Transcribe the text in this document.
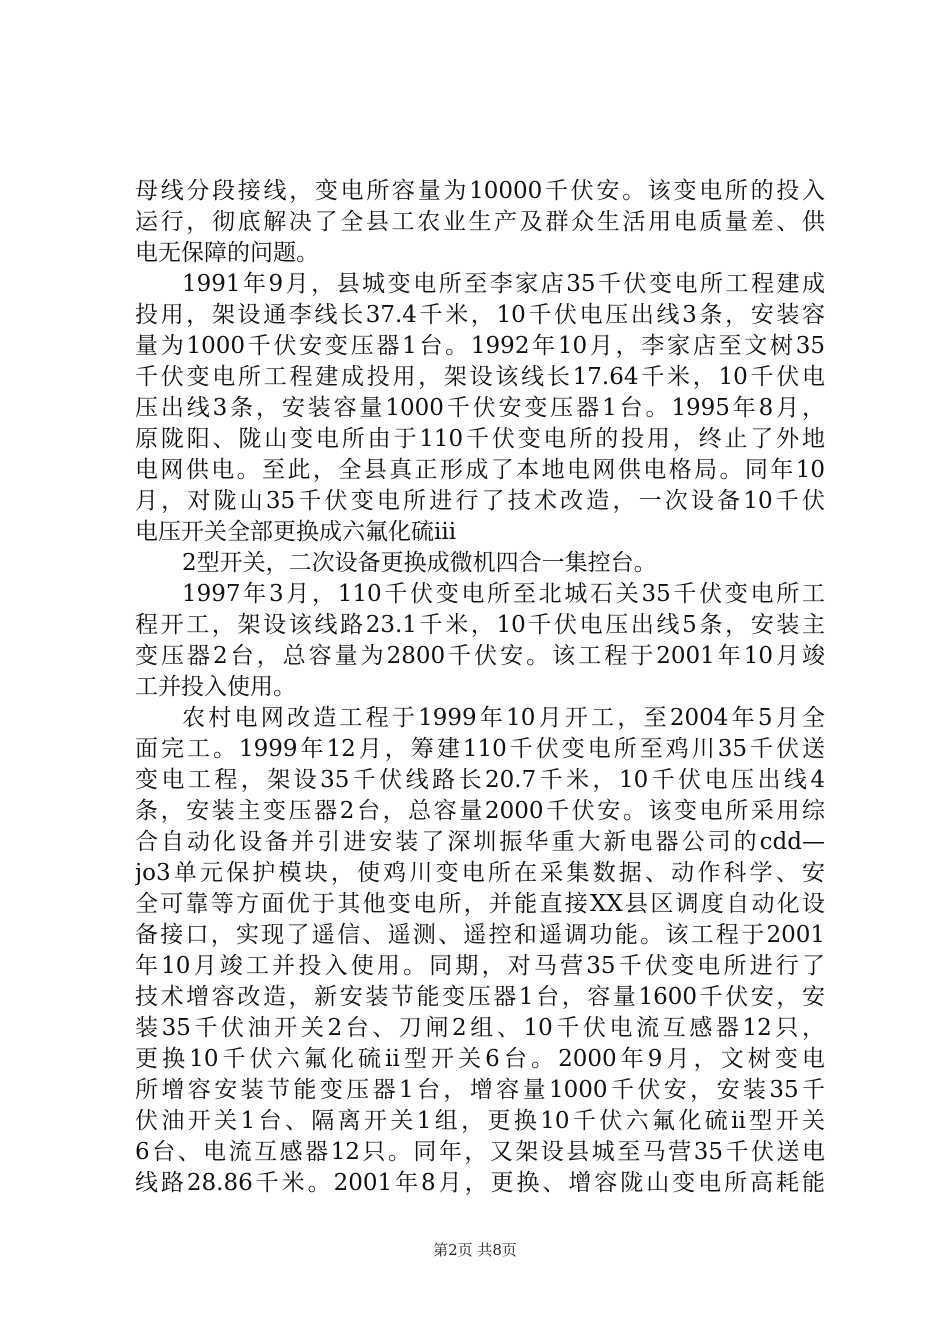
母线分段接线，变电所容量为10000千伏安。该变电所的投入
运行，彻底解决了全县工农业生产及群众生活用电质量差、供
电无保障的问题。
1991年9月，县城变电所至李家店35千伏变电所工程建成
投用，架设通李线长37.4千米，10千伏电压出线3条，安装容
量为1000千伏安变压器1台。1992年10月，李家店至文树35
千伏变电所工程建成投用，架设该线长17.64千米，10千伏电
压出线3条，安装容量1000千伏安变压器1台。1995年8月，
原陇阳、陇山变电所由于110千伏变电所的投用，终止了外地
电网供电。至此，全县真正形成了本地电网供电格局。同年10
月，对陇山35千伏变电所进行了技术改造，一次设备10千伏
电压开关全部更换成六氟化硫iii
2型开关，二次设备更换成微机四合一集控台。
1997年3月，110千伏变电所至北城石关35千伏变电所工
程开工，架设该线路23.1千米，10千伏电压出线5条，安装主
变压器2台，总容量为2800千伏安。该工程于2001年10月竣
工并投入使用。
农村电网改造工程于1999年10月开工，至2004年5月全
面完工。1999年12月，筹建110千伏变电所至鸡川35千伏送
变电工程，架设35千伏线路长20.7千米，10千伏电压出线4
条，安装主变压器2台，总容量2000千伏安。该变电所采用综
合自动化设备并引进安装了深圳振华重大新电器公司的cdd—
jo3单元保护模块，使鸡川变电所在采集数据、动作科学、安
全可靠等方面优于其他变电所，并能直接XX县区调度自动化设
备接口，实现了遥信、遥测、遥控和遥调功能。该工程于2001
年10月竣工并投入使用。同期，对马营35千伏变电所进行了
技术增容改造，新安装节能变压器1台，容量1600千伏安，安
装35千伏油开关2台、刀闸2组、10千伏电流互感器12只，
更换10千伏六氟化硫ii型开关6台。2000年9月，文树变电
所增容安装节能变压器1台，增容量1000千伏安，安装35千
伏油开关1台、隔离开关1组，更换10千伏六氟化硫ii型开关
6台、电流互感器12只。同年，又架设县城至马营35千伏送电
线路28.86千米。2001年8月，更换、增容陇山变电所高耗能
第2页 共8页
